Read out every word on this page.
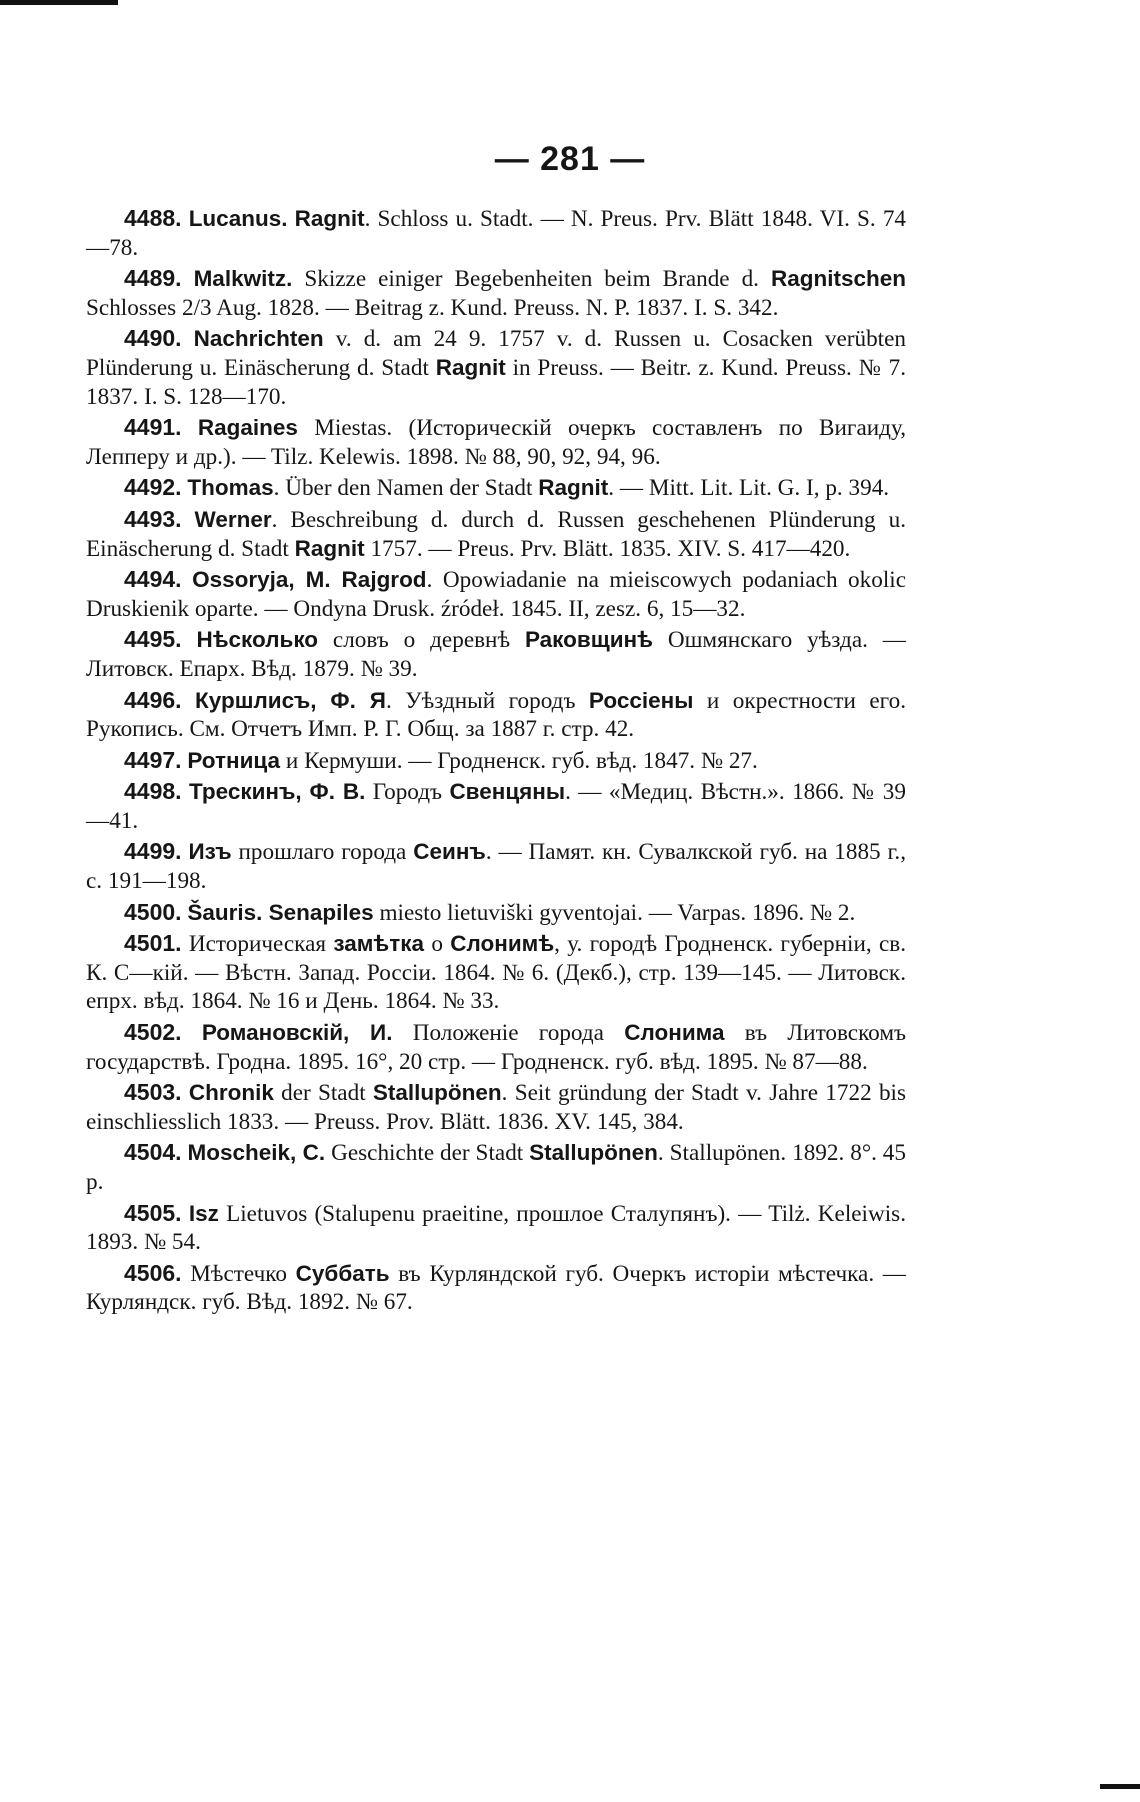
— 281 —

4488. Lucanus. Ragnit. Schloss u. Stadt. — N. Preus. Prv. Blätt 1848. VI. S. 74—78.

4489. Malkwitz. Skizze einiger Begebenheiten beim Brande d. Ragnitschen Schlosses 2/3 Aug. 1828. — Beitrag z. Kund. Preuss. N. P. 1837. I. S. 342.

4490. Nachrichten v. d. am 24 9. 1757 v. d. Russen u. Cosacken verübten Plünderung u. Einäscherung d. Stadt Ragnit in Preuss. — Beitr. z. Kund. Preuss. № 7. 1837. I. S. 128—170.

4491. Ragaines Miestas. (Историческій очеркъ составленъ по Вигаиду, Лепперу и др.). — Tilz. Kelewis. 1898. № 88, 90, 92, 94, 96.

4492. Thomas. Über den Namen der Stadt Ragnit. — Mitt. Lit. Lit. G. I, p. 394.

4493. Werner. Beschreibung d. durch d. Russen geschehenen Plünderung u. Einäscherung d. Stadt Ragnit 1757. — Preus. Prv. Blätt. 1835. XIV. S. 417—420.

4494. Ossoryja, M. Rajgrod. Opowiadanie na mieiscowych podaniach okolic Druskienik oparte. — Ondyna Drusk. źródeł. 1845. II, zesz. 6, 15—32.

4495. Нѣсколько словъ о деревнѣ Раковщинѣ Ошмянскаго уѣзда. — Литовск. Епарх. Вѣд. 1879. № 39.

4496. Куршлисъ, Ф. Я. Уѣздный городъ Россiены и окрестности его. Рукопись. См. Отчетъ Имп. Р. Г. Общ. за 1887 г. стр. 42.

4497. Ротница и Кермуши. — Гродненск. губ. вѣд. 1847. № 27.

4498. Трескинъ, Ф. В. Городъ Свенцяны. — «Медиц. Вѣстн.». 1866. № 39—41.

4499. Изъ прошлаго города Сеинъ. — Памят. кн. Сувалкской губ. на 1885 г., с. 191—198.

4500. Šauris. Senapiles miesto lietuviški gyventojai. — Varpas. 1896. № 2.

4501. Историческая замѣтка о Слонимѣ, у. городѣ Гродненск. губерніи, св. К. С—кій. — Вѣстн. Запад. Россіи. 1864. № 6. (Декб.), стр. 139—145. — Литовск. епрх. вѣд. 1864. № 16 и День. 1864. № 33.

4502. Романовскій, И. Положеніе города Слонима въ Литовскомъ государствѣ. Гродна. 1895. 16°, 20 стр. — Гродненск. губ. вѣд. 1895. № 87—88.

4503. Chronik der Stadt Stallupönen. Seit gründung der Stadt v. Jahre 1722 bis einschliesslich 1833. — Preuss. Prov. Blätt. 1836. XV. 145, 384.

4504. Moscheik, C. Geschichte der Stadt Stallupönen. Stallupönen. 1892. 8°. 45 p.

4505. Isz Lietuvos (Stalupenu praeitine, прошлое Сталупянъ). — Tilż. Keleiwis. 1893. № 54.

4506. Мѣстечко Суббать въ Курляндской губ. Очеркъ исторіи мѣстечка. — Курляндск. губ. Вѣд. 1892. № 67.
